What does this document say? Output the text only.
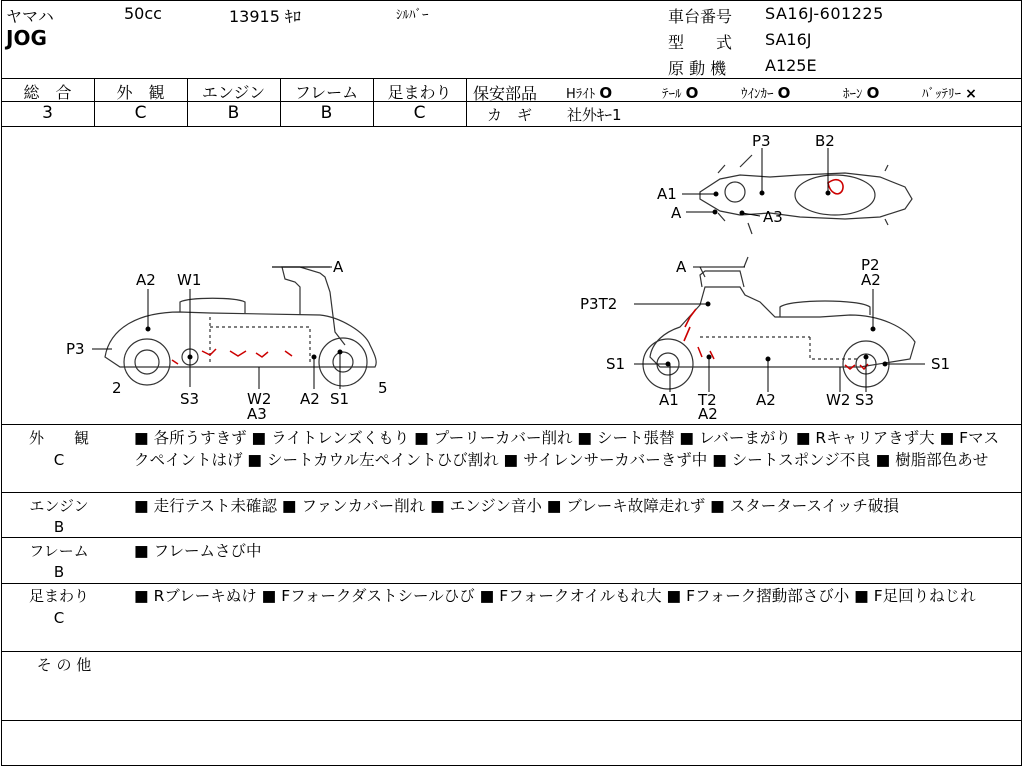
ヤマハ	50cc	13915 ｷﾛ	ｼﾙﾊﾞｰ
JOG
車台番号 SA16J-601225
型　　式 SA16J
原 動 機 A125E
総　合
3
外　観
C
エンジン
B
フレーム
B
足まわり
C
保安部品 Hﾗｲﾄ O	ﾃｰﾙ O	ｳｲﾝｶｰ O	ﾎｰﾝ O	ﾊﾞｯﾃﾘｰ ×
カ　ギ 社外ｷｰ1
P3	B2
A1
A	A3
A
A2 W1
P3
2
S3	W2
A3
A2 S1
5
A	P2
A2
P3T2
S1
A1 T2
A2
A2	W2 S3
S1
外　　観
C
■ 各所うすきず ■ ライトレンズくもり ■ プーリーカバー削れ ■ シート張替 ■ レバーまがり ■ Rキャリアきず大 ■ Fマスクペイントはげ ■ シートカウル左ペイントひび割れ ■ サイレンサーカバーきず中 ■ シートスポンジ不良 ■ 樹脂部色あせ
エンジン
B
■ 走行テスト未確認 ■ ファンカバー削れ ■ エンジン音小 ■ ブレーキ故障走れず ■ スタータースイッチ破損
フレーム
B
■ フレームさび中
足まわり
C
■ Rブレーキぬけ ■ Fフォークダストシールひび ■ Fフォークオイルもれ大 ■ Fフォーク摺動部さび小 ■ F足回りねじれ
そ の 他
